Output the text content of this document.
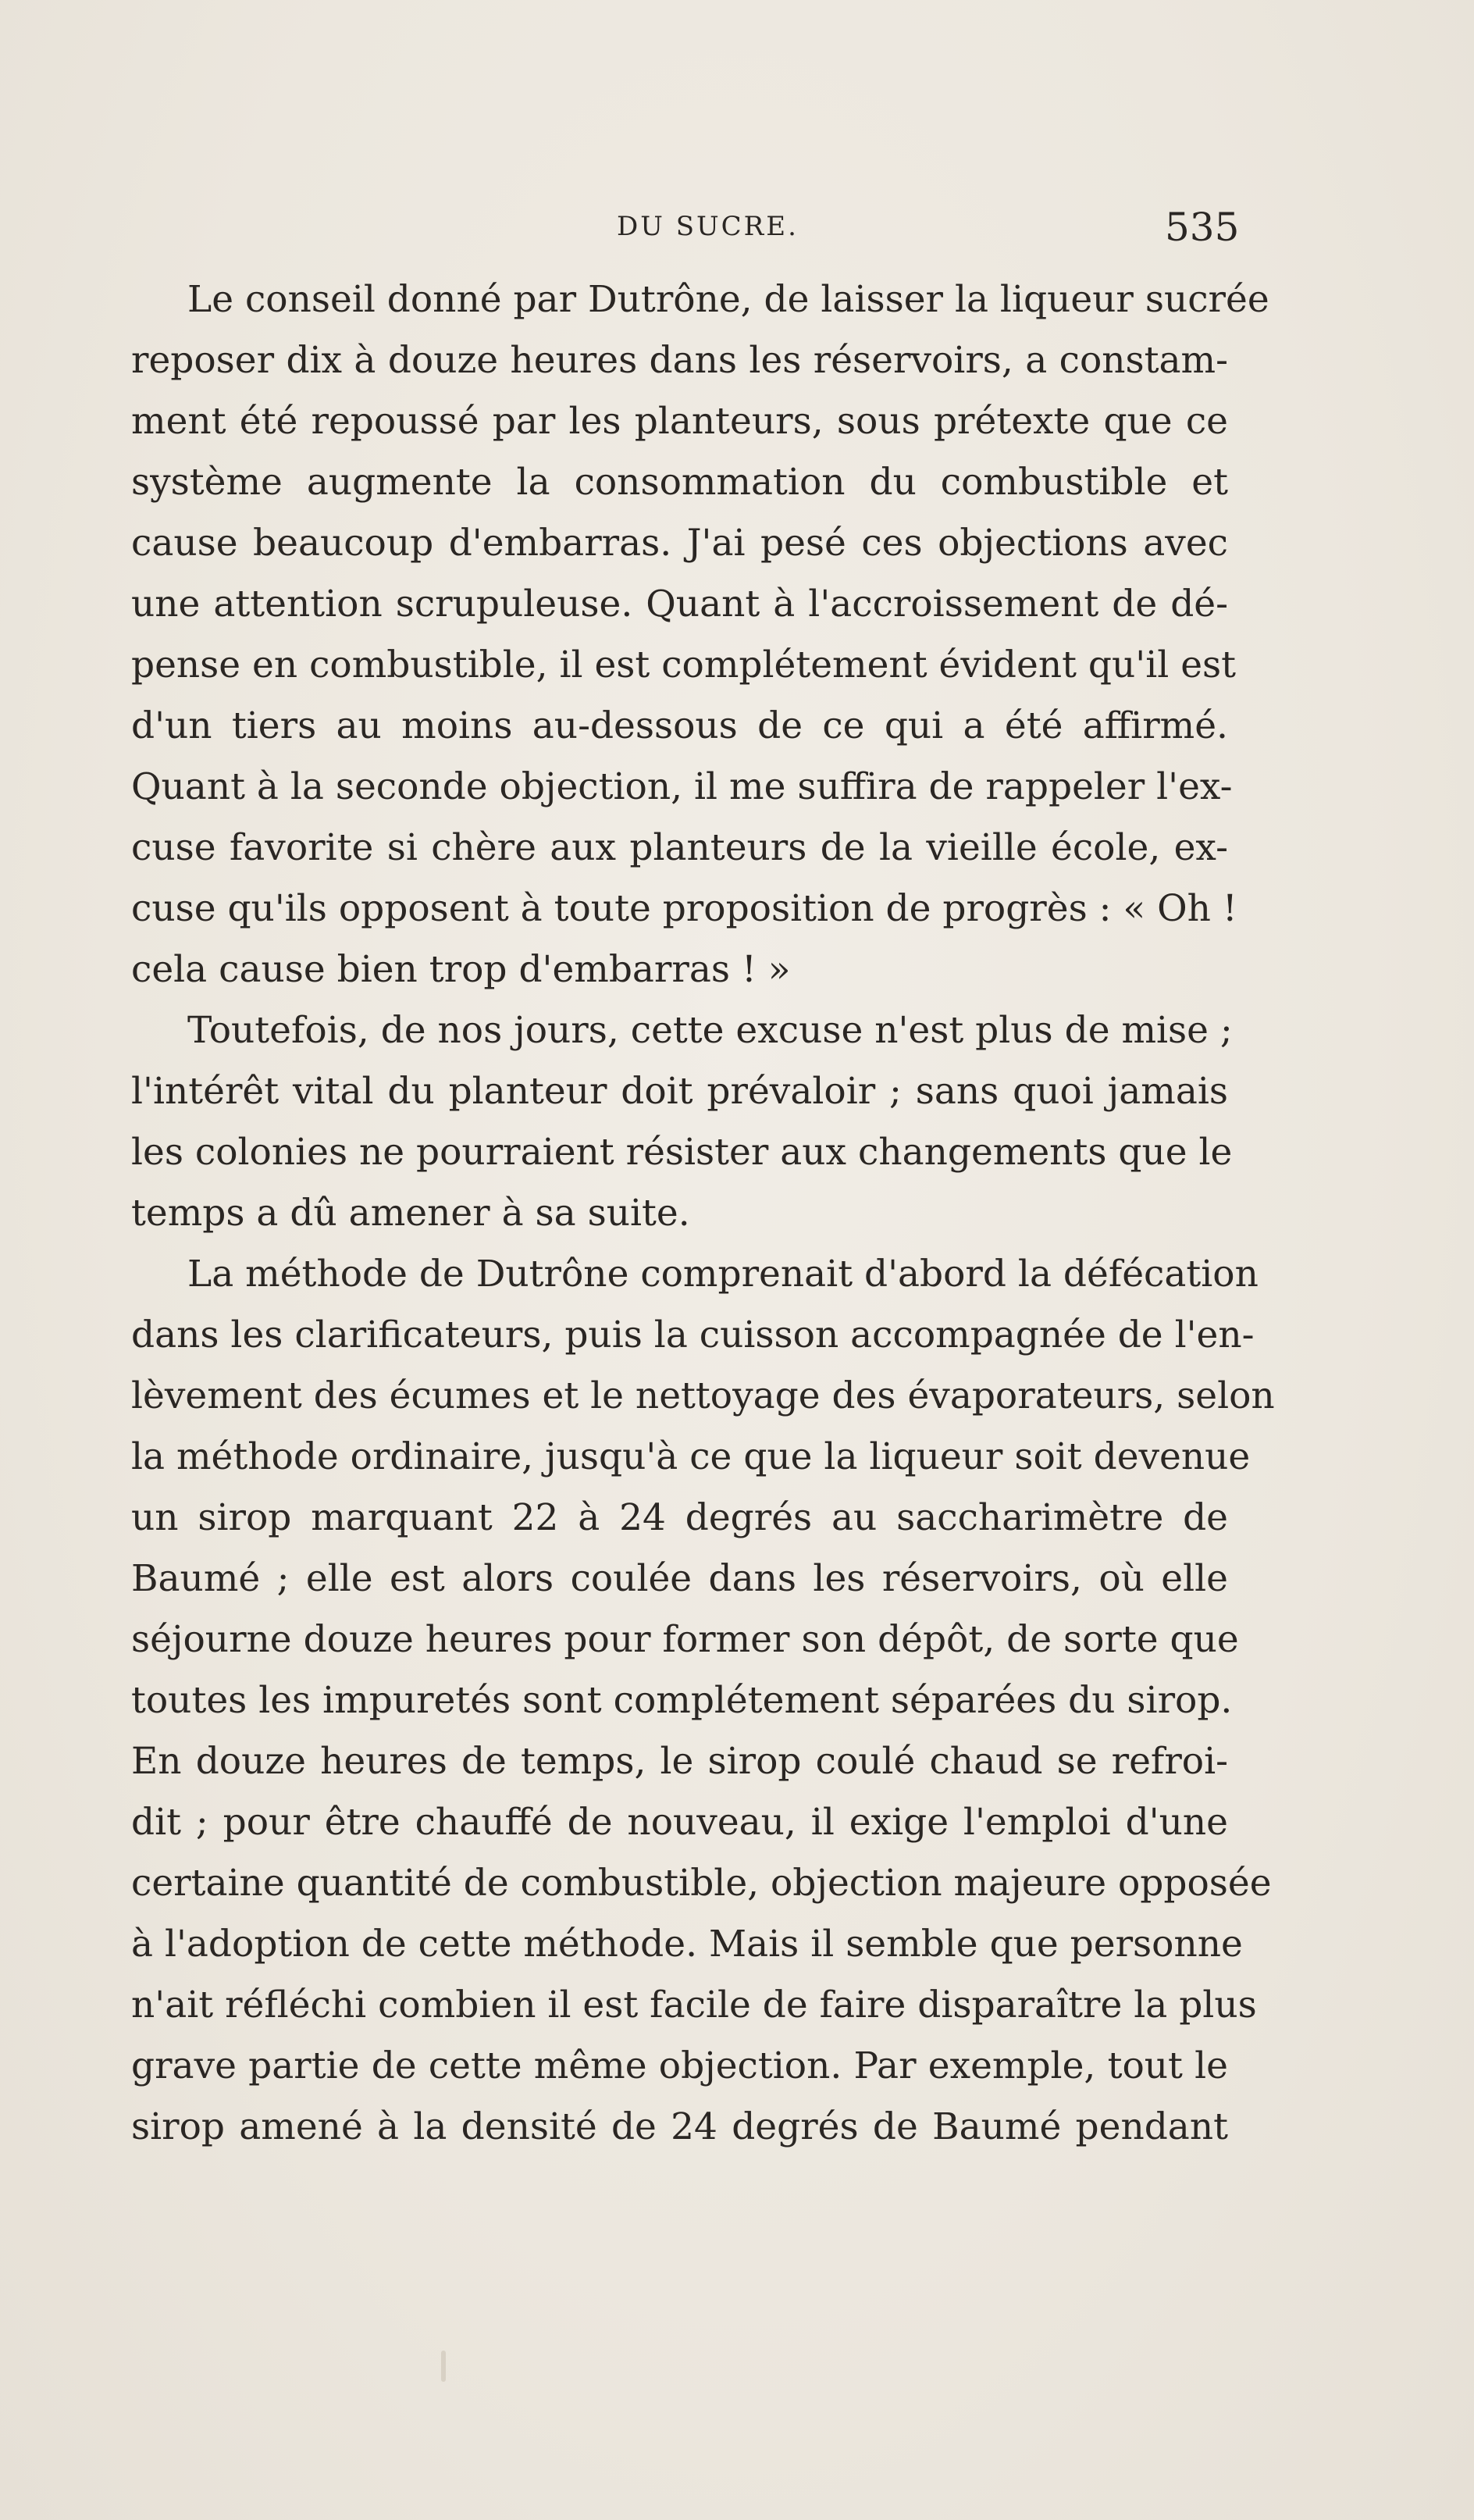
DU SUCRE.	535
Le conseil donné par Dutrône, de laisser la liqueur sucrée
reposer dix à douze heures dans les réservoirs, a constam-
ment été repoussé par les planteurs, sous prétexte que ce
système augmente la consommation du combustible et
cause beaucoup d'embarras. J'ai pesé ces objections avec
une attention scrupuleuse. Quant à l'accroissement de dé-
pense en combustible, il est complétement évident qu'il est
d'un tiers au moins au-dessous de ce qui a été affirmé.
Quant à la seconde objection, il me suffira de rappeler l'ex-
cuse favorite si chère aux planteurs de la vieille école, ex-
cuse qu'ils opposent à toute proposition de progrès : « Oh !
cela cause bien trop d'embarras ! »
Toutefois, de nos jours, cette excuse n'est plus de mise ;
l'intérêt vital du planteur doit prévaloir ; sans quoi jamais
les colonies ne pourraient résister aux changements que le
temps a dû amener à sa suite.
La méthode de Dutrône comprenait d'abord la défécation
dans les clarificateurs, puis la cuisson accompagnée de l'en-
lèvement des écumes et le nettoyage des évaporateurs, selon
la méthode ordinaire, jusqu'à ce que la liqueur soit devenue
un sirop marquant 22 à 24 degrés au saccharimètre de
Baumé ; elle est alors coulée dans les réservoirs, où elle
séjourne douze heures pour former son dépôt, de sorte que
toutes les impuretés sont complétement séparées du sirop.
En douze heures de temps, le sirop coulé chaud se refroi-
dit ; pour être chauffé de nouveau, il exige l'emploi d'une
certaine quantité de combustible, objection majeure opposée
à l'adoption de cette méthode. Mais il semble que personne
n'ait réfléchi combien il est facile de faire disparaître la plus
grave partie de cette même objection. Par exemple, tout le
sirop amené à la densité de 24 degrés de Baumé pendant
